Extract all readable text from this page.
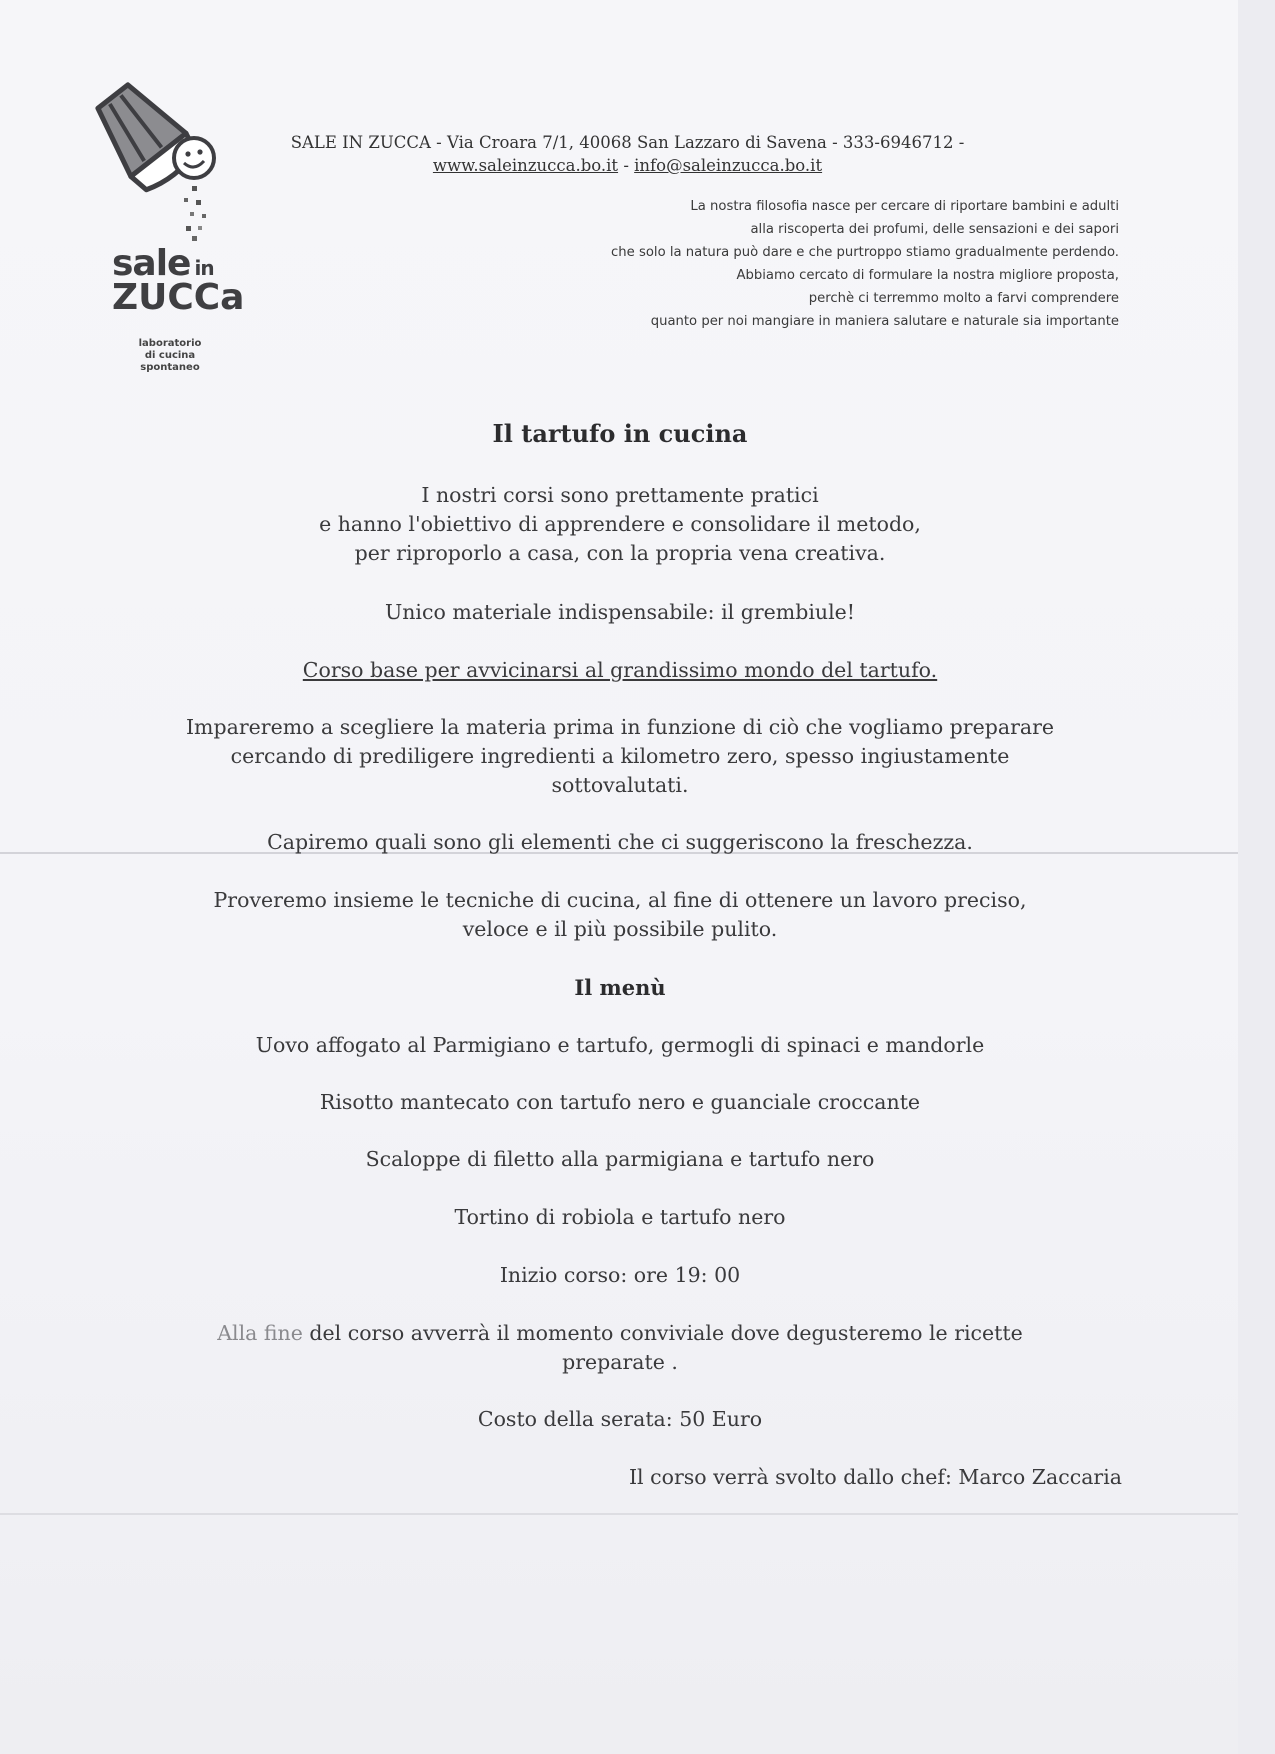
sale in
ZUCCa
laboratorio
di cucina
spontaneo
SALE IN ZUCCA - Via Croara 7/1, 40068 San Lazzaro di Savena - 333-6946712 -
www.saleinzucca.bo.it - info@saleinzucca.bo.it
La nostra filosofia nasce per cercare di riportare bambini e adulti
alla riscoperta dei profumi, delle sensazioni e dei sapori
che solo la natura può dare e che purtroppo stiamo gradualmente perdendo.
Abbiamo cercato di formulare la nostra migliore proposta,
perchè ci terremmo molto a farvi comprendere
quanto per noi mangiare in maniera salutare e naturale sia importante
Il tartufo in cucina
I nostri corsi sono prettamente pratici
e hanno l'obiettivo di apprendere e consolidare il metodo,
per riproporlo a casa, con la propria vena creativa.
Unico materiale indispensabile: il grembiule!
Corso base per avvicinarsi al grandissimo mondo del tartufo.
Impareremo a scegliere la materia prima in funzione di ciò che vogliamo preparare
cercando di prediligere ingredienti a kilometro zero, spesso ingiustamente
sottovalutati.
Capiremo quali sono gli elementi che ci suggeriscono la freschezza.
Proveremo insieme le tecniche di cucina, al fine di ottenere un lavoro preciso,
veloce e il più possibile pulito.
Il menù
Uovo affogato al Parmigiano e tartufo, germogli di spinaci e mandorle
Risotto mantecato con tartufo nero e guanciale croccante
Scaloppe di filetto alla parmigiana e tartufo nero
Tortino di robiola e tartufo nero
Inizio corso: ore 19: 00
Alla fine del corso avverrà il momento conviviale dove degusteremo le ricette
preparate .
Costo della serata: 50 Euro
Il corso verrà svolto dallo chef: Marco Zaccaria
